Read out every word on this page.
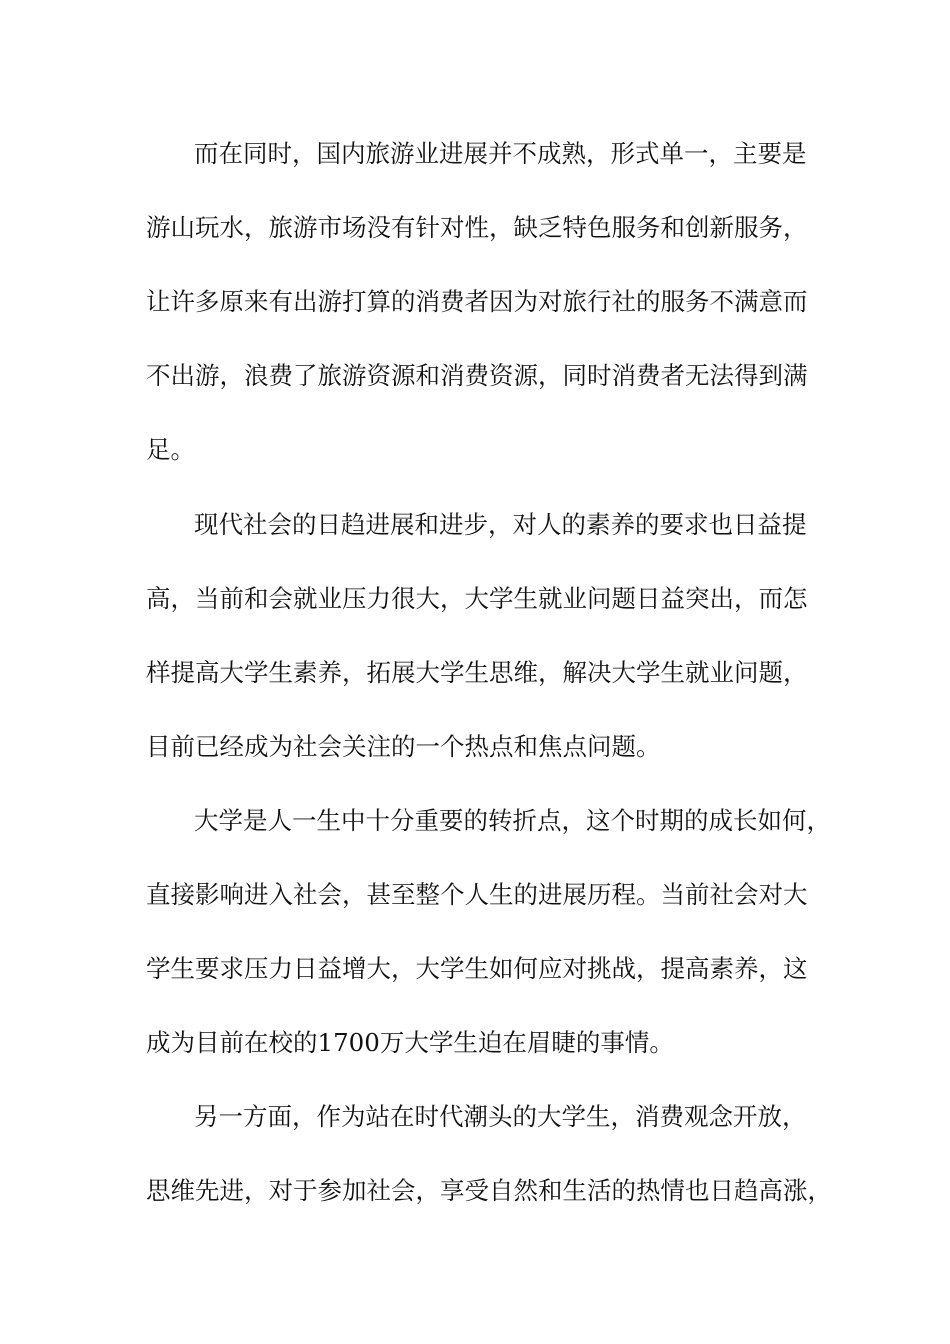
而在同时，国内旅游业进展并不成熟，形式单一，主要是
游山玩水，旅游市场没有针对性，缺乏特色服务和创新服务，
让许多原来有出游打算的消费者因为对旅行社的服务不满意而
不出游，浪费了旅游资源和消费资源，同时消费者无法得到满
足。
现代社会的日趋进展和进步，对人的素养的要求也日益提
高，当前和会就业压力很大，大学生就业问题日益突出，而怎
样提高大学生素养，拓展大学生思维，解决大学生就业问题，
目前已经成为社会关注的一个热点和焦点问题。
大学是人一生中十分重要的转折点，这个时期的成长如何，
直接影响进入社会，甚至整个人生的进展历程。当前社会对大
学生要求压力日益增大，大学生如何应对挑战，提高素养，这
成为目前在校的1700万大学生迫在眉睫的事情。
另一方面，作为站在时代潮头的大学生，消费观念开放，
思维先进，对于参加社会，享受自然和生活的热情也日趋高涨，
